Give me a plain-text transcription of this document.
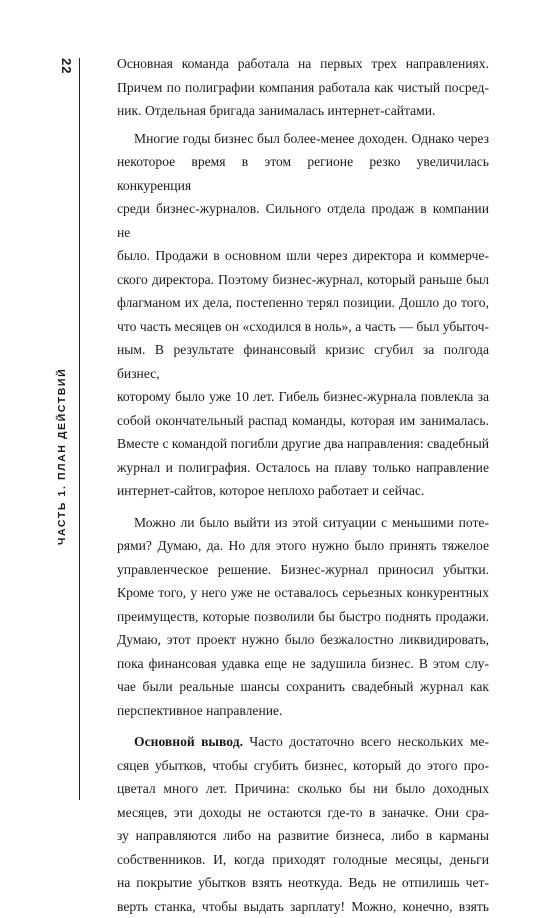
22
ЧАСТЬ 1. ПЛАН ДЕЙСТВИЙ
Основная команда работала на первых трех направлениях.
Причем по полиграфии компания работала как чистый посред-
ник. Отдельная бригада занималась интернет-сайтами.
Многие годы бизнес был более-менее доходен. Однако через
некоторое время в этом регионе резко увеличилась конкуренция
среди бизнес-журналов. Сильного отдела продаж в компании не
было. Продажи в основном шли через директора и коммерче-
ского директора. Поэтому бизнес-журнал, который раньше был
флагманом их дела, постепенно терял позиции. Дошло до того,
что часть месяцев он «сходился в ноль», а часть — был убыточ-
ным. В результате финансовый кризис сгубил за полгода бизнес,
которому было уже 10 лет. Гибель бизнес-журнала повлекла за
собой окончательный распад команды, которая им занималась.
Вместе с командой погибли другие два направления: свадебный
журнал и полиграфия. Осталось на плаву только направление
интернет-сайтов, которое неплохо работает и сейчас.
Можно ли было выйти из этой ситуации с меньшими поте-
рями? Думаю, да. Но для этого нужно было принять тяжелое
управленческое решение. Бизнес-журнал приносил убытки.
Кроме того, у него уже не оставалось серьезных конкурентных
преимуществ, которые позволили бы быстро поднять продажи.
Думаю, этот проект нужно было безжалостно ликвидировать,
пока финансовая удавка еще не задушила бизнес. В этом слу-
чае были реальные шансы сохранить свадебный журнал как
перспективное направление.
Основной вывод. Часто достаточно всего нескольких ме-
сяцев убытков, чтобы сгубить бизнес, который до этого про-
цветал много лет. Причина: сколько бы ни было доходных
месяцев, эти доходы не остаются где-то в заначке. Они сра-
зу направляются либо на развитие бизнеса, либо в карманы
собственников. И, когда приходят голодные месяцы, деньги
на покрытие убытков взять неоткуда. Ведь не отпилишь чет-
верть станка, чтобы выдать зарплату! Можно, конечно, взять
